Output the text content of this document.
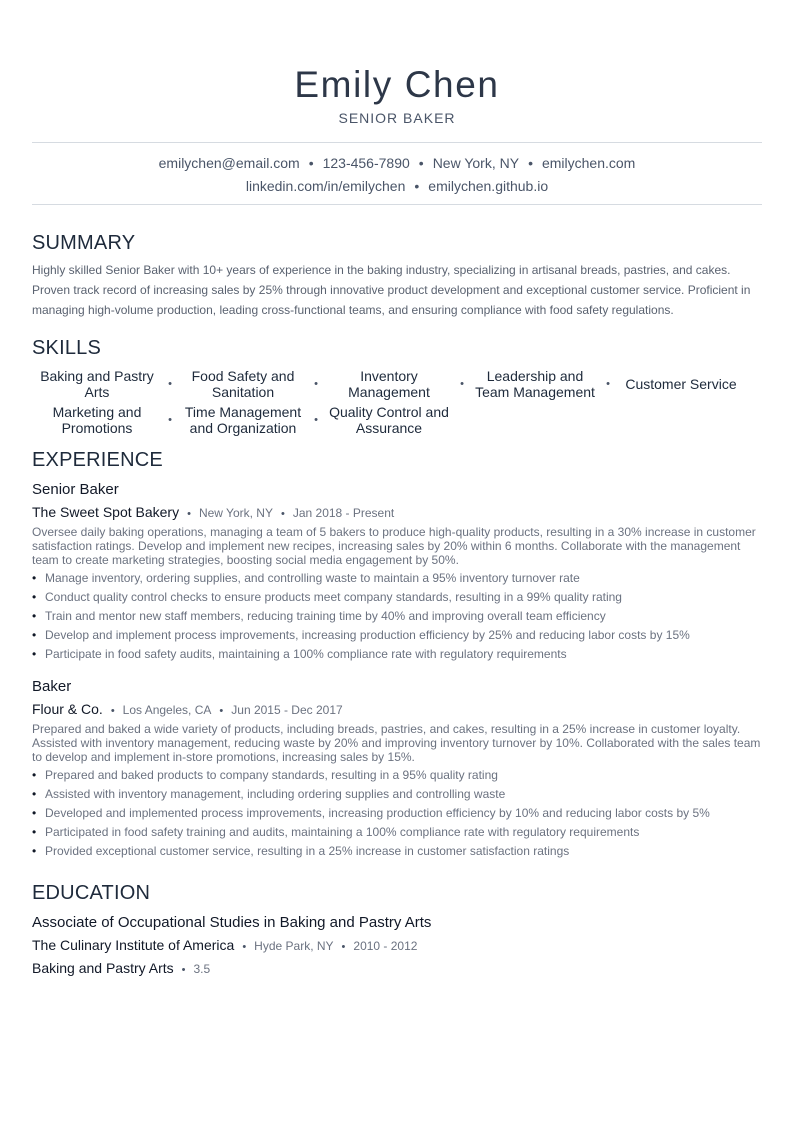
Emily Chen
SENIOR BAKER
emilychen@email.com • 123-456-7890 • New York, NY • emilychen.com
linkedin.com/in/emilychen • emilychen.github.io
SUMMARY
Highly skilled Senior Baker with 10+ years of experience in the baking industry, specializing in artisanal breads, pastries, and cakes. Proven track record of increasing sales by 25% through innovative product development and exceptional customer service. Proficient in managing high-volume production, leading cross-functional teams, and ensuring compliance with food safety regulations.
SKILLS
Baking and Pastry Arts	•	Food Safety and Sanitation	•	Inventory Management	•	Leadership and Team Management	•	Customer Service
Marketing and Promotions	• Time Management and Organization	• Quality Control and Assurance
EXPERIENCE
Senior Baker
The Sweet Spot Bakery • New York, NY • Jan 2018 - Present
Oversee daily baking operations, managing a team of 5 bakers to produce high-quality products, resulting in a 30% increase in customer satisfaction ratings. Develop and implement new recipes, increasing sales by 20% within 6 months. Collaborate with the management team to create marketing strategies, boosting social media engagement by 50%.
• Manage inventory, ordering supplies, and controlling waste to maintain a 95% inventory turnover rate
• Conduct quality control checks to ensure products meet company standards, resulting in a 99% quality rating
• Train and mentor new staff members, reducing training time by 40% and improving overall team efficiency
• Develop and implement process improvements, increasing production efficiency by 25% and reducing labor costs by 15%
• Participate in food safety audits, maintaining a 100% compliance rate with regulatory requirements
Baker
Flour & Co. • Los Angeles, CA • Jun 2015 - Dec 2017
Prepared and baked a wide variety of products, including breads, pastries, and cakes, resulting in a 25% increase in customer loyalty. Assisted with inventory management, reducing waste by 20% and improving inventory turnover by 10%. Collaborated with the sales team to develop and implement in-store promotions, increasing sales by 15%.
• Prepared and baked products to company standards, resulting in a 95% quality rating
• Assisted with inventory management, including ordering supplies and controlling waste
• Developed and implemented process improvements, increasing production efficiency by 10% and reducing labor costs by 5%
• Participated in food safety training and audits, maintaining a 100% compliance rate with regulatory requirements
• Provided exceptional customer service, resulting in a 25% increase in customer satisfaction ratings
EDUCATION
Associate of Occupational Studies in Baking and Pastry Arts
The Culinary Institute of America • Hyde Park, NY • 2010 - 2012
Baking and Pastry Arts • 3.5
